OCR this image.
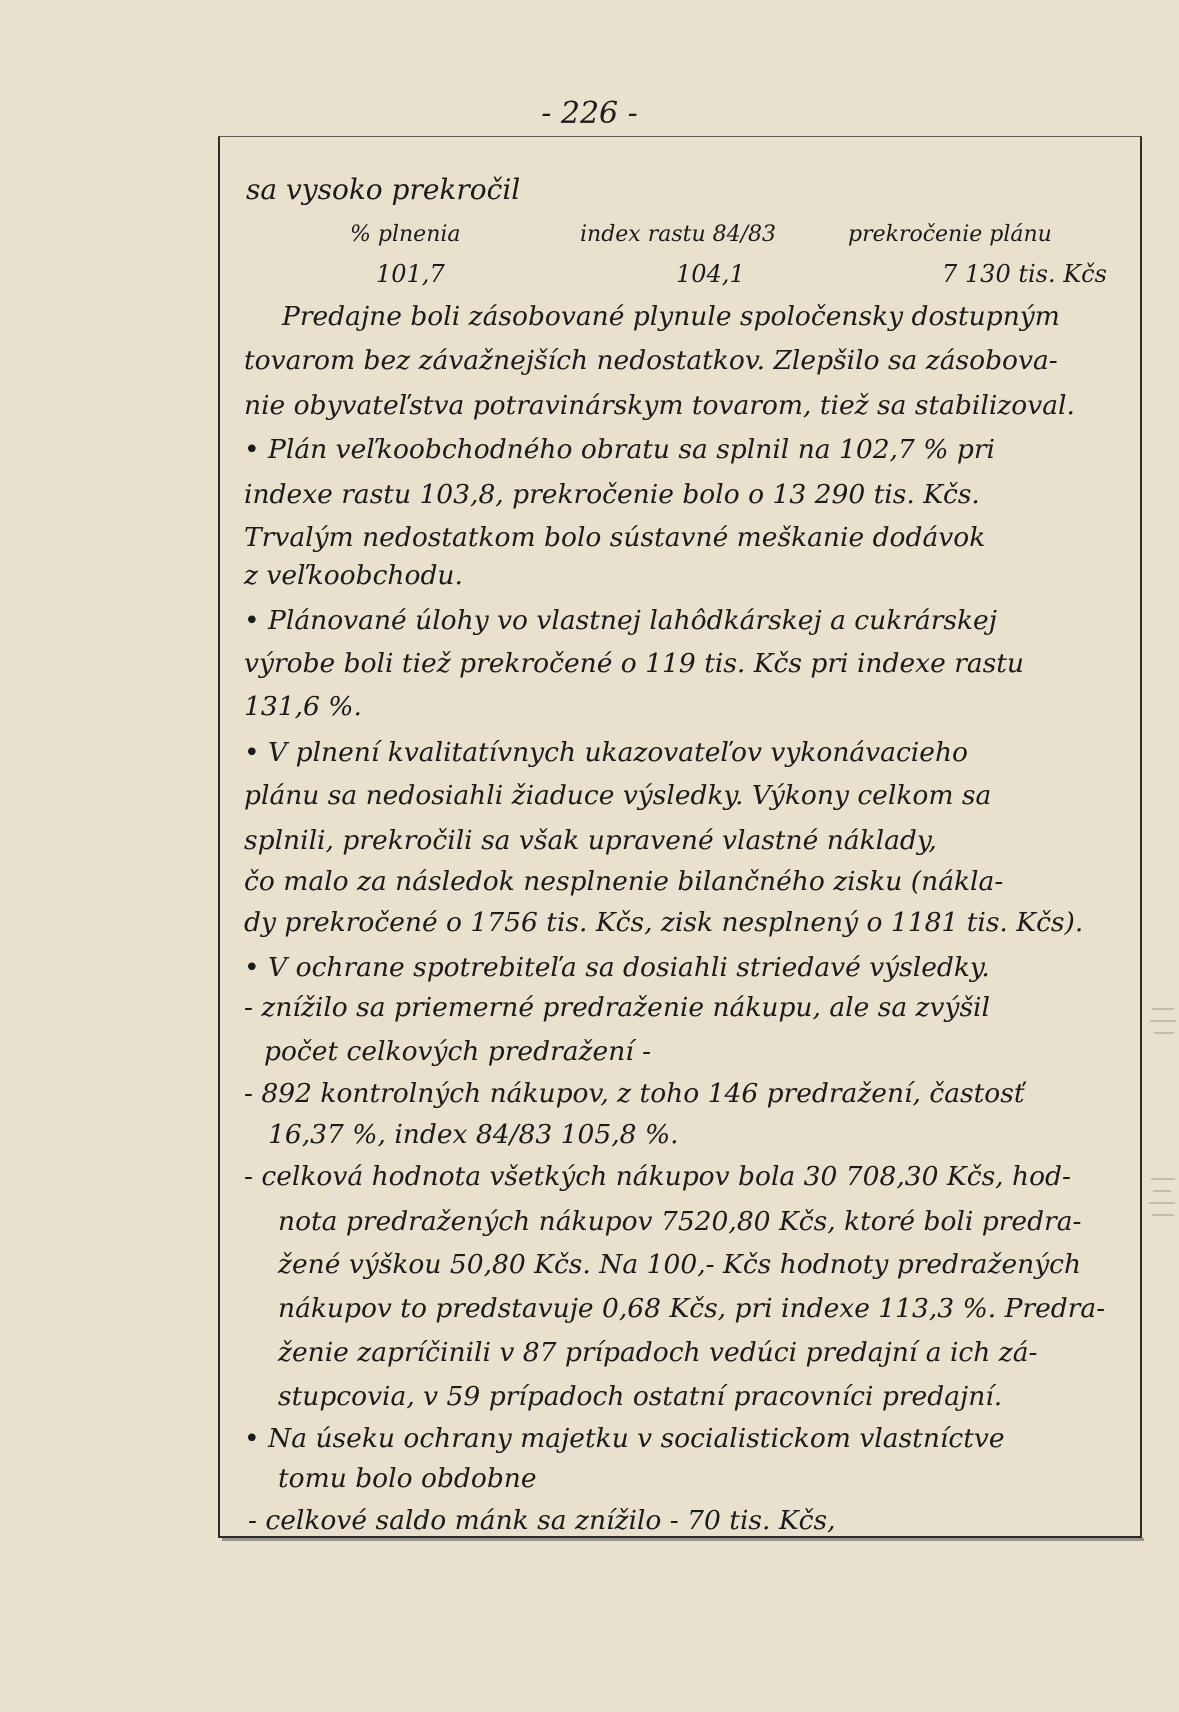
- 226 -
sa vysoko prekročil
% plnenia	index rastu 84/83	prekročenie plánu
101,7	104,1	7 130 tis. Kčs
Predajne boli zásobované plynule spoločensky dostupným
tovarom bez závažnejších nedostatkov. Zlepšilo sa zásobova-
nie obyvateľstva potravinárskym tovarom, tiež sa stabilizoval.
• Plán veľkoobchodného obratu sa splnil na 102,7 % pri
indexe rastu 103,8, prekročenie bolo o 13 290 tis. Kčs.
Trvalým nedostatkom bolo sústavné meškanie dodávok
z veľkoobchodu.
• Plánované úlohy vo vlastnej lahôdkárskej a cukrárskej
výrobe boli tiež prekročené o 119 tis. Kčs pri indexe rastu
131,6 %.
• V plnení kvalitatívnych ukazovateľov vykonávacieho
plánu sa nedosiahli žiaduce výsledky. Výkony celkom sa
splnili, prekročili sa však upravené vlastné náklady,
čo malo za následok nesplnenie bilančného zisku (nákla-
dy prekročené o 1756 tis. Kčs, zisk nesplnený o 1181 tis. Kčs).
• V ochrane spotrebiteľa sa dosiahli striedavé výsledky.
- znížilo sa priemerné predraženie nákupu, ale sa zvýšil
počet celkových predražení -
- 892 kontrolných nákupov, z toho 146 predražení, častosť
16,37 %, index 84/83 105,8 %.
- celková hodnota všetkých nákupov bola 30 708,30 Kčs, hod-
nota predražených nákupov 7520,80 Kčs, ktoré boli predra-
žené výškou 50,80 Kčs. Na 100,- Kčs hodnoty predražených
nákupov to predstavuje 0,68 Kčs, pri indexe 113,3 %. Predra-
ženie zapríčinili v 87 prípadoch vedúci predajní a ich zá-
stupcovia, v 59 prípadoch ostatní pracovníci predajní.
• Na úseku ochrany majetku v socialistickom vlastníctve
tomu bolo obdobne
- celkové saldo mánk sa znížilo - 70 tis. Kčs,
